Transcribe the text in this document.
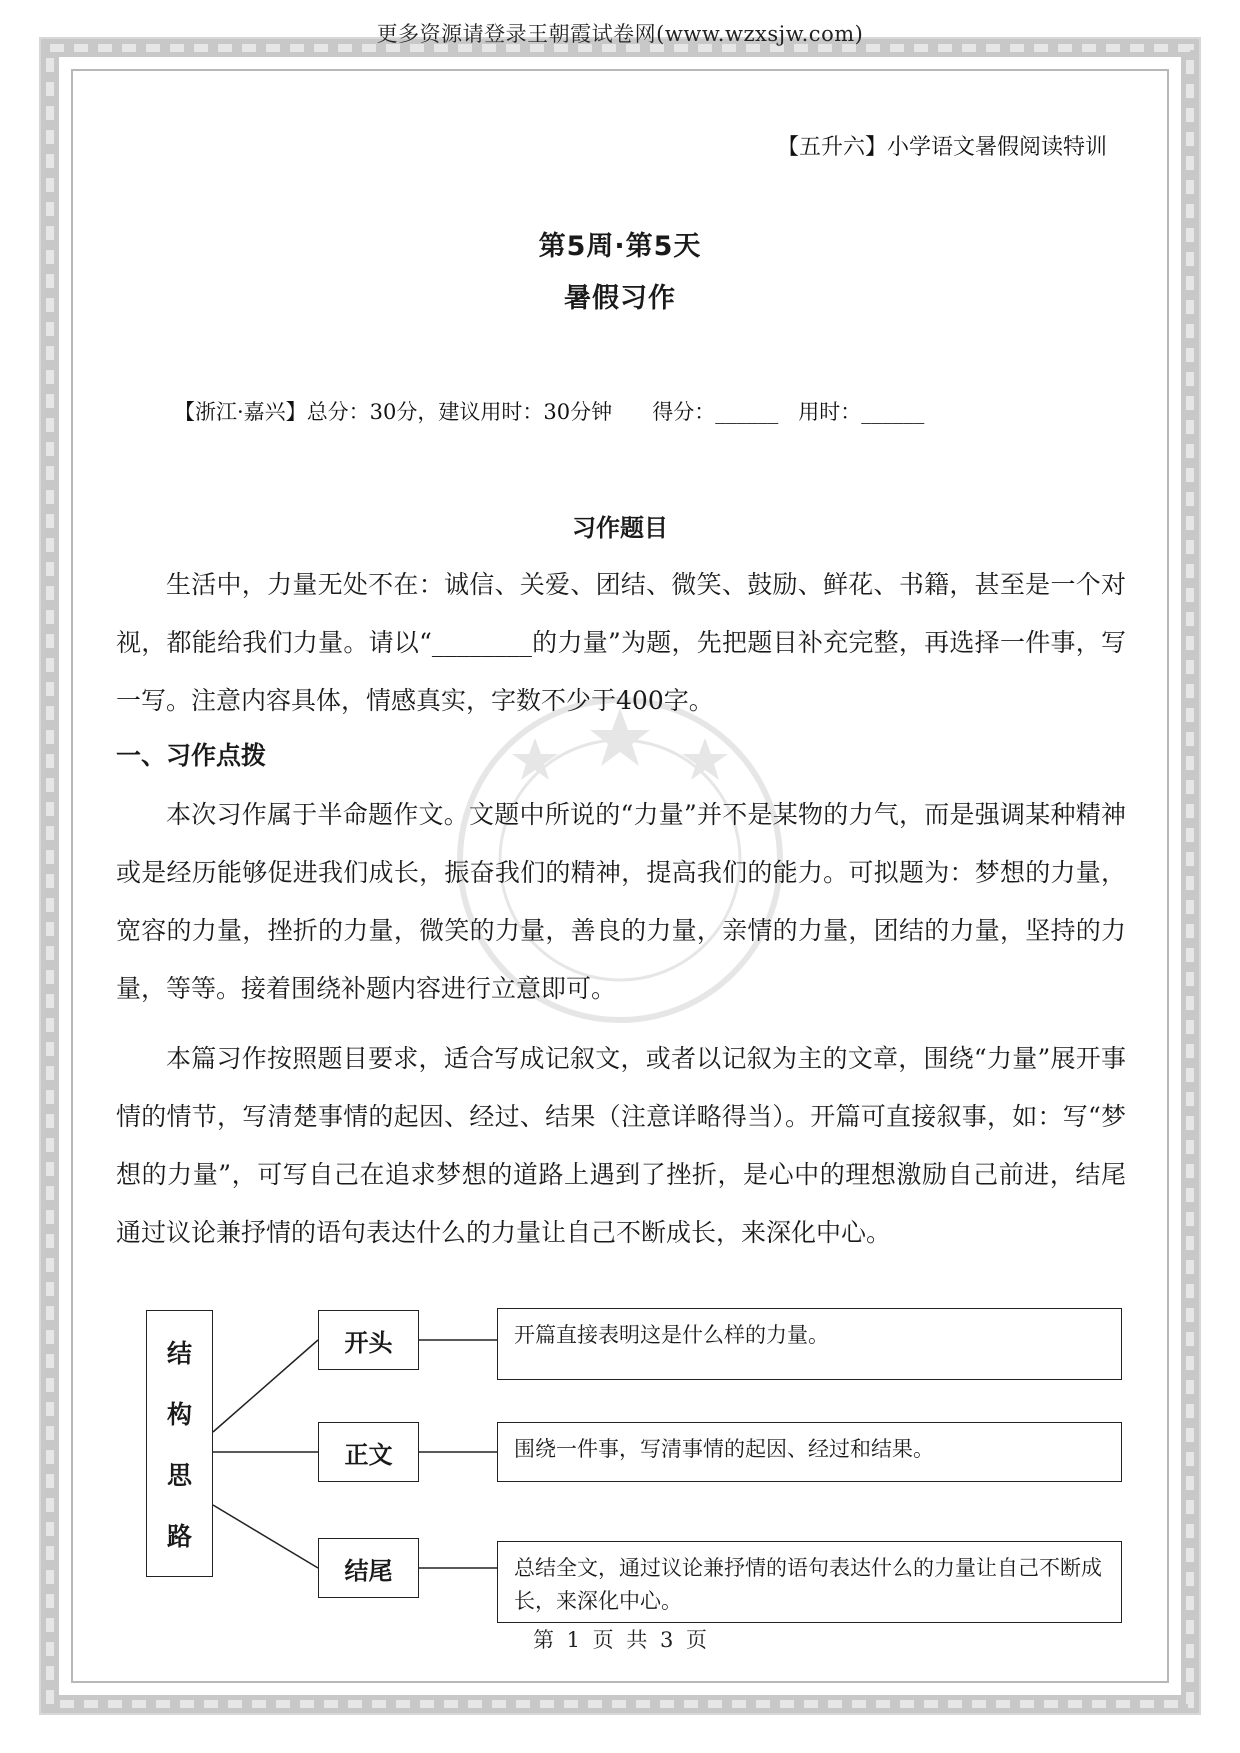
更多资源请登录王朝霞试卷网(www.wzxsjw.com)
【五升六】小学语文暑假阅读特训
第5周·第5天
暑假习作
【浙江·嘉兴】总分：30分，建议用时：30分钟 得分：______ 用时：______
习作题目

生活中，力量无处不在：诚信、关爱、团结、微笑、鼓励、鲜花、书籍，甚至是一个对视，都能给我们力量。请以“________的力量”为题，先把题目补充完整，再选择一件事，写一写。注意内容具体，情感真实，字数不少于400字。

一、习作点拨

本次习作属于半命题作文。文题中所说的“力量”并不是某物的力气，而是强调某种精神或是经历能够促进我们成长，振奋我们的精神，提高我们的能力。可拟题为：梦想的力量，宽容的力量，挫折的力量，微笑的力量，善良的力量，亲情的力量，团结的力量，坚持的力量，等等。接着围绕补题内容进行立意即可。

本篇习作按照题目要求，适合写成记叙文，或者以记叙为主的文章，围绕“力量”展开事情的情节，写清楚事情的起因、经过、结果（注意详略得当）。开篇可直接叙事，如：写“梦想的力量”，可写自己在追求梦想的道路上遇到了挫折，是心中的理想激励自己前进，结尾通过议论兼抒情的语句表达什么的力量让自己不断成长，来深化中心。

结
构
思
路
开头
正文
结尾
开篇直接表明这是什么样的力量。
围绕一件事，写清事情的起因、经过和结果。
总结全文，通过议论兼抒情的语句表达什么的力量让自己不断成长，来深化中心。
第 1 页 共 3 页
